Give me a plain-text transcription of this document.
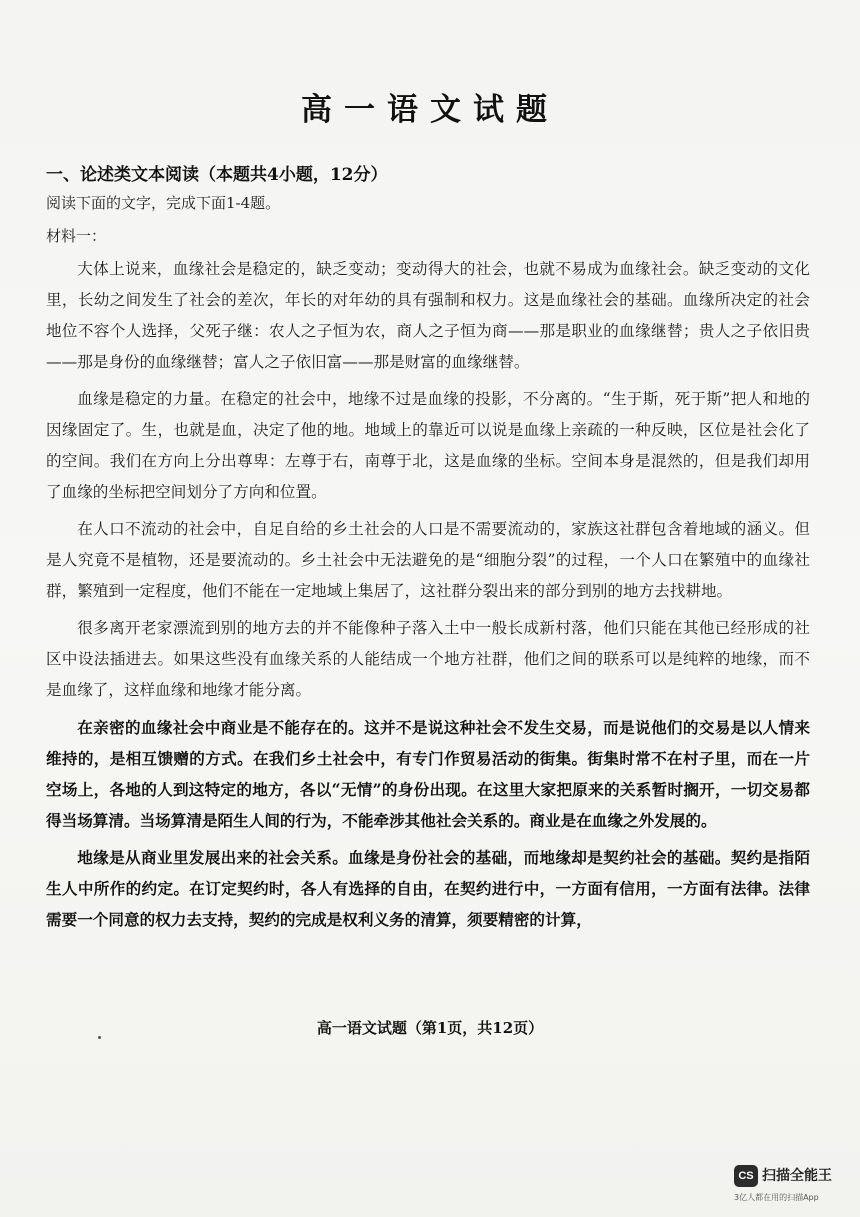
高一语文试题
一、论述类文本阅读（本题共4小题，12分）
阅读下面的文字，完成下面1-4题。
材料一：

大体上说来，血缘社会是稳定的，缺乏变动；变动得大的社会，也就不易成为血缘社会。缺乏变动的文化里，长幼之间发生了社会的差次，年长的对年幼的具有强制和权力。这是血缘社会的基础。血缘所决定的社会地位不容个人选择，父死子继：农人之子恒为农，商人之子恒为商——那是职业的血缘继替；贵人之子依旧贵——那是身份的血缘继替；富人之子依旧富——那是财富的血缘继替。

血缘是稳定的力量。在稳定的社会中，地缘不过是血缘的投影，不分离的。“生于斯，死于斯”把人和地的因缘固定了。生，也就是血，决定了他的地。地域上的靠近可以说是血缘上亲疏的一种反映，区位是社会化了的空间。我们在方向上分出尊卑：左尊于右，南尊于北，这是血缘的坐标。空间本身是混然的，但是我们却用了血缘的坐标把空间划分了方向和位置。

在人口不流动的社会中，自足自给的乡土社会的人口是不需要流动的，家族这社群包含着地域的涵义。但是人究竟不是植物，还是要流动的。乡土社会中无法避免的是“细胞分裂”的过程，一个人口在繁殖中的血缘社群，繁殖到一定程度，他们不能在一定地域上集居了，这社群分裂出来的部分到别的地方去找耕地。

很多离开老家漂流到别的地方去的并不能像种子落入土中一般长成新村落，他们只能在其他已经形成的社区中设法插进去。如果这些没有血缘关系的人能结成一个地方社群，他们之间的联系可以是纯粹的地缘，而不是血缘了，这样血缘和地缘才能分离。

在亲密的血缘社会中商业是不能存在的。这并不是说这种社会不发生交易，而是说他们的交易是以人情来维持的，是相互馈赠的方式。在我们乡土社会中，有专门作贸易活动的街集。街集时常不在村子里，而在一片空场上，各地的人到这特定的地方，各以“无情”的身份出现。在这里大家把原来的关系暂时搁开，一切交易都得当场算清。当场算清是陌生人间的行为，不能牵涉其他社会关系的。商业是在血缘之外发展的。

地缘是从商业里发展出来的社会关系。血缘是身份社会的基础，而地缘却是契约社会的基础。契约是指陌生人中所作的约定。在订定契约时，各人有选择的自由，在契约进行中，一方面有信用，一方面有法律。法律需要一个同意的权力去支持，契约的完成是权利义务的清算，须要精密的计算，

高一语文试题（第1页，共12页）
CS 扫描全能王
3亿人都在用的扫描App
